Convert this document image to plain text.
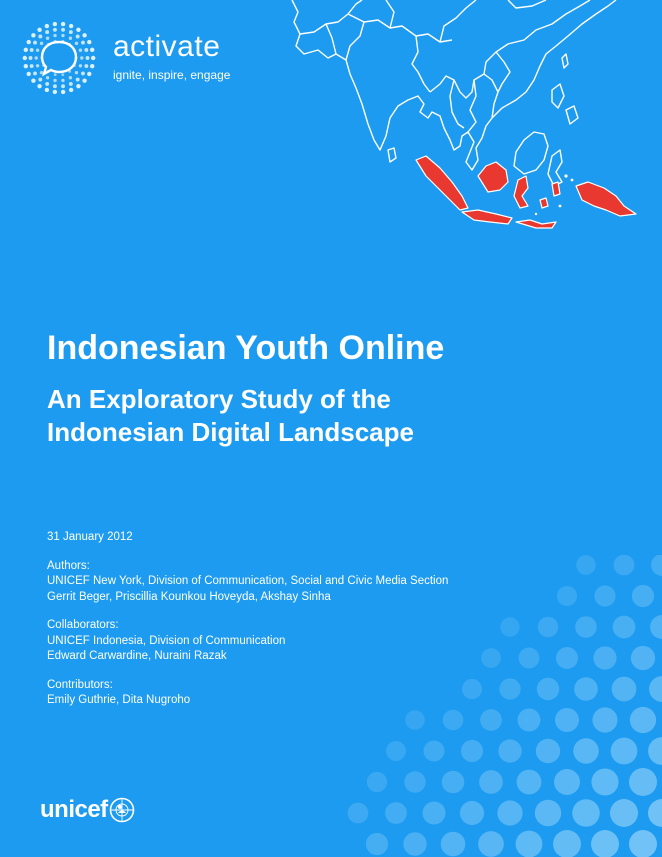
activate
ignite, inspire, engage
Indonesian Youth Online
An Exploratory Study of the
Indonesian Digital Landscape
31 January 2012
Authors:
UNICEF New York, Division of Communication, Social and Civic Media Section
Gerrit Beger, Priscillia Kounkou Hoveyda, Akshay Sinha
Collaborators:
UNICEF Indonesia, Division of Communication
Edward Carwardine, Nuraini Razak
Contributors:
Emily Guthrie, Dita Nugroho
unicef
